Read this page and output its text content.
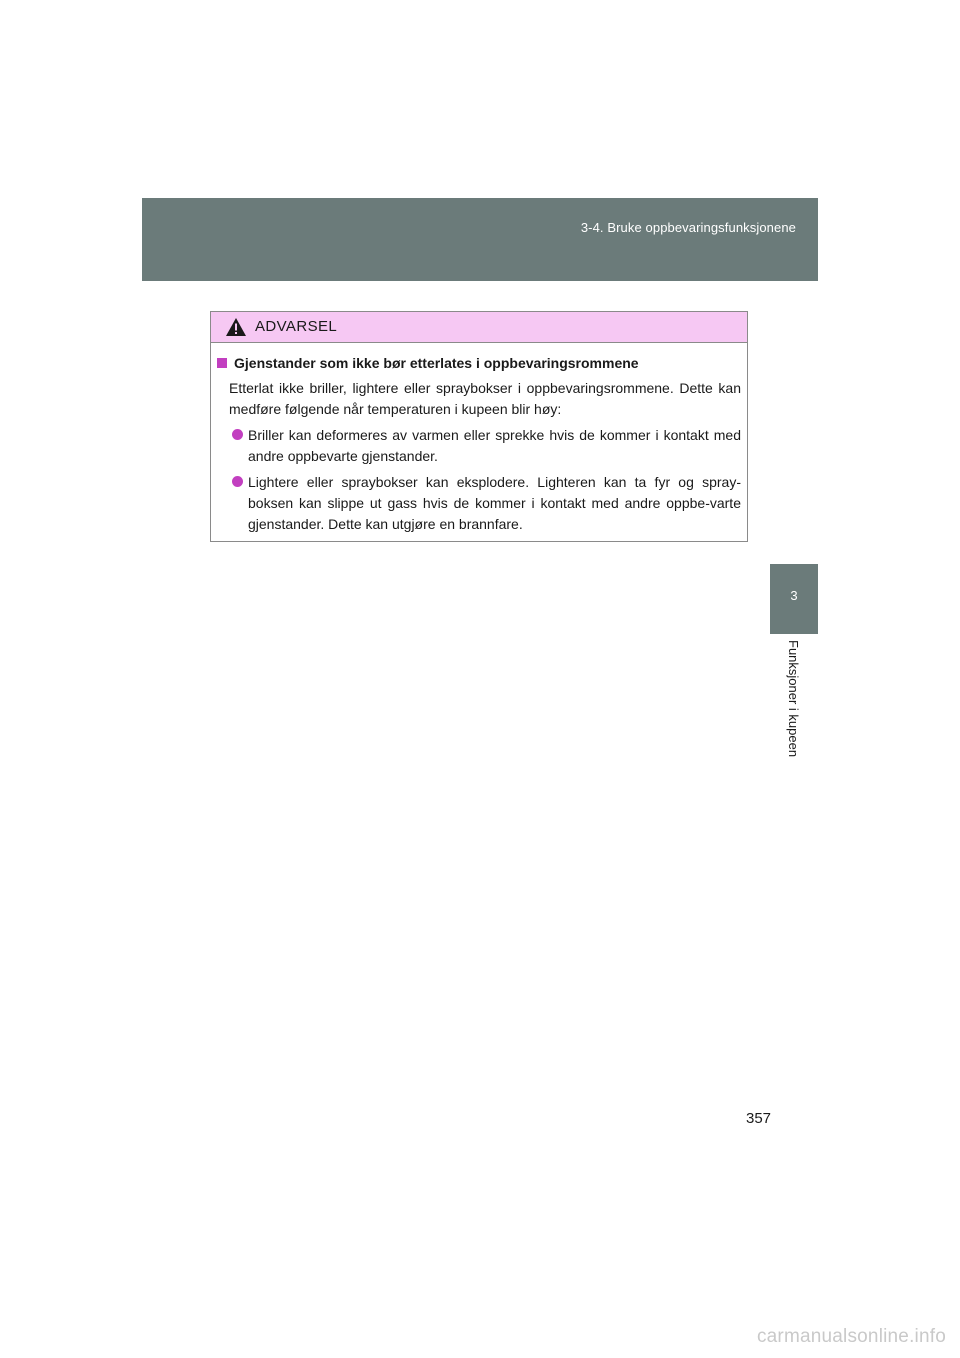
3-4. Bruke oppbevaringsfunksjonene
3
Funksjoner i kupeen
ADVARSEL
Gjenstander som ikke bør etterlates i oppbevaringsrommene
Etterlat ikke briller, lightere eller spraybokser i oppbevaringsrommene. Dette kan medføre følgende når temperaturen i kupeen blir høy:
Briller kan deformeres av varmen eller sprekke hvis de kommer i kontakt med andre oppbevarte gjenstander.
Lightere eller spraybokser kan eksplodere. Lighteren kan ta fyr og spray-boksen kan slippe ut gass hvis de kommer i kontakt med andre oppbe-varte gjenstander. Dette kan utgjøre en brannfare.
357
carmanualsonline.info
